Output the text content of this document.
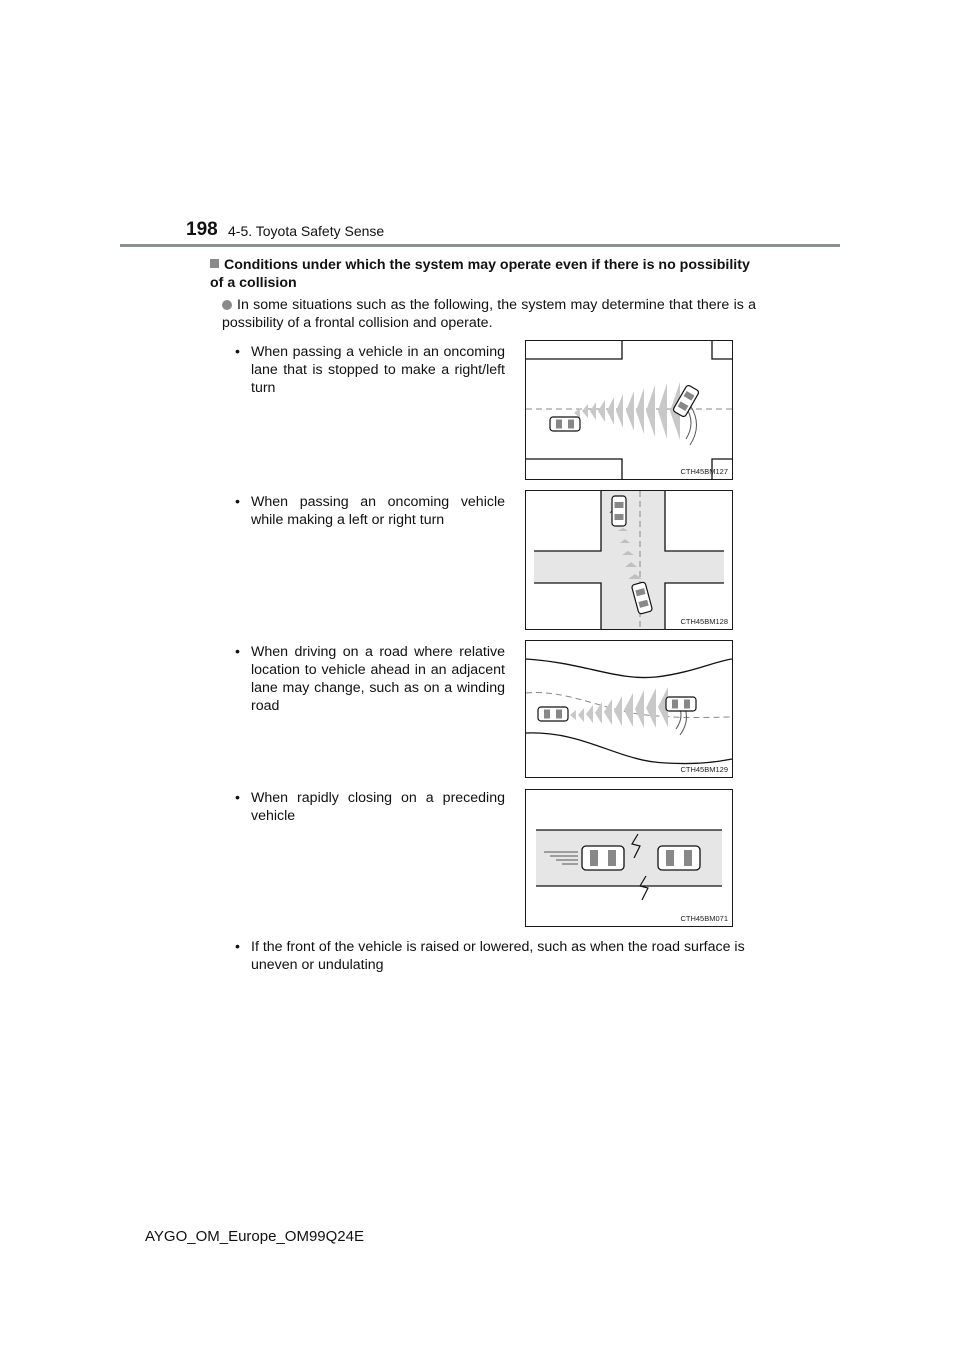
198 4-5. Toyota Safety Sense
Conditions under which the system may operate even if there is no possibility of a collision
In some situations such as the following, the system may determine that there is a possibility of a frontal collision and operate.
• When passing a vehicle in an oncoming lane that is stopped to make a right/left turn
CTH45BM127
• When passing an oncoming vehicle while making a left or right turn
CTH45BM128
• When driving on a road where relative location to vehicle ahead in an adjacent lane may change, such as on a winding road
CTH45BM129
• When rapidly closing on a preceding vehicle
CTH45BM071
• If the front of the vehicle is raised or lowered, such as when the road surface is uneven or undulating
AYGO_OM_Europe_OM99Q24E
